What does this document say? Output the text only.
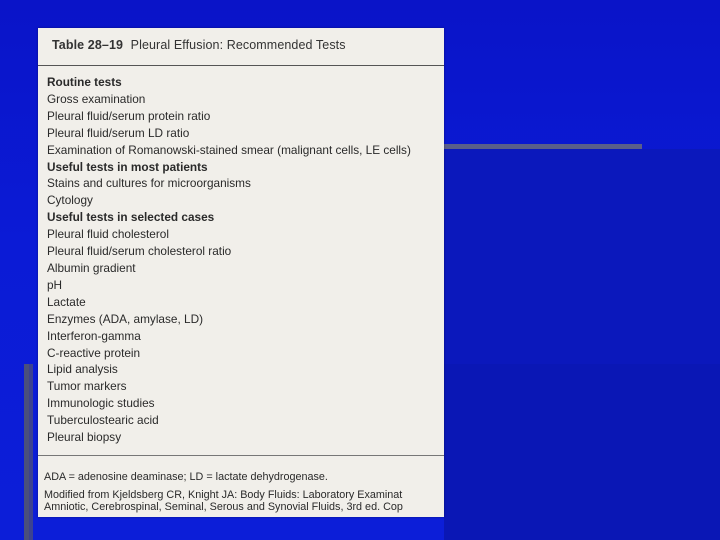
Table 28–19 Pleural Effusion: Recommended Tests
Routine tests
Gross examination
Pleural fluid/serum protein ratio
Pleural fluid/serum LD ratio
Examination of Romanowski-stained smear (malignant cells, LE cells)
Useful tests in most patients
Stains and cultures for microorganisms
Cytology
Useful tests in selected cases
Pleural fluid cholesterol
Pleural fluid/serum cholesterol ratio
Albumin gradient
pH
Lactate
Enzymes (ADA, amylase, LD)
Interferon-gamma
C-reactive protein
Lipid analysis
Tumor markers
Immunologic studies
Tuberculostearic acid
Pleural biopsy
ADA = adenosine deaminase; LD = lactate dehydrogenase.
Modified from Kjeldsberg CR, Knight JA: Body Fluids: Laboratory Examinat
Amniotic, Cerebrospinal, Seminal, Serous and Synovial Fluids, 3rd ed. Cop
